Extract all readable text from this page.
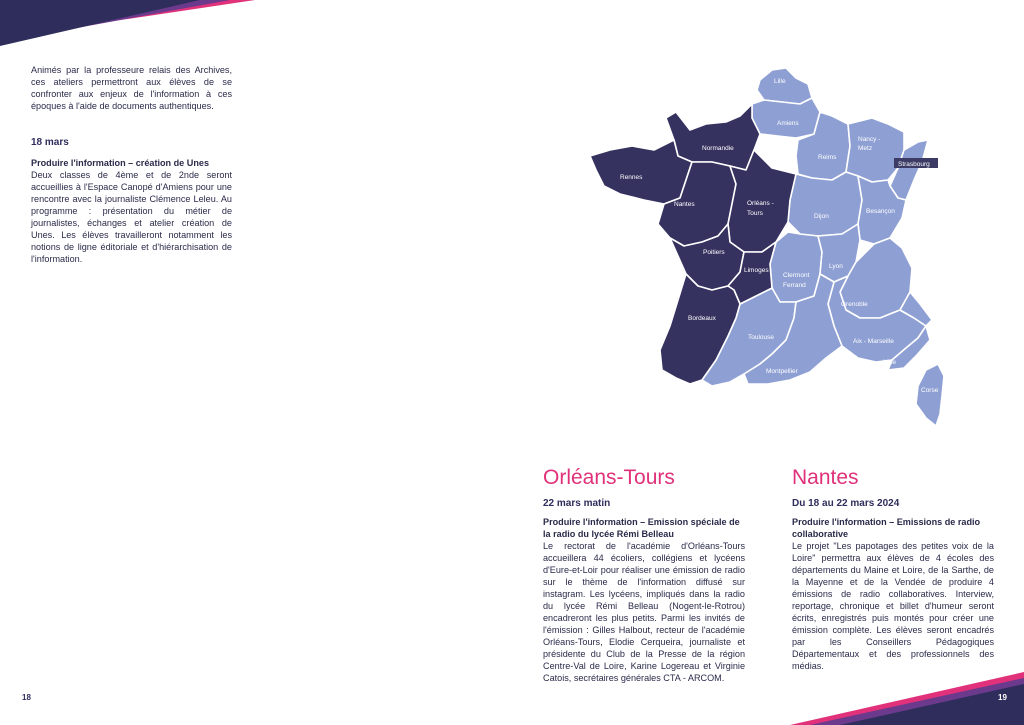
Animés par la professeure relais des Archives, ces ateliers permettront aux élèves de se confronter aux enjeux de l'information à ces époques à l'aide de documents authentiques.

18 mars

Produire l'information – création de Unes

Deux classes de 4ème et de 2nde seront accueillies à l'Espace Canopé d'Amiens pour une rencontre avec la journaliste Clémence Leleu. Au programme : présentation du métier de journalistes, échanges et atelier création de Unes. Les élèves travailleront notamment les notions de ligne éditoriale et d'hiérarchisation de l'information.

18
Lille
Amiens
Normandie
Reims
Nancy -
Metz
Strasbourg
Rennes
Nantes	Orléans -
Tours	Dijon
Besançon
Poitiers
Limoges
Clermont
Ferrand
Lyon
Grenoble
Bordeaux
Toulouse
Aix - Marseille
Nice
Montpellier
Corse
Orléans-Tours

22 mars matin

Produire l'information – Emission spéciale de la radio du lycée Rémi Belleau

Le rectorat de l'académie d'Orléans-Tours accueillera 44 écoliers, collégiens et lycéens d'Eure-et-Loir pour réaliser une émission de radio sur le thème de l'information diffusé sur instagram. Les lycéens, impliqués dans la radio du lycée Rémi Belleau (Nogent-le-Rotrou) encadreront les plus petits. Parmi les invités de l'émission : Gilles Halbout, recteur de l'académie Orléans-Tours, Elodie Cerqueira, journaliste et présidente du Club de la Presse de la région Centre-Val de Loire, Karine Logereau et Virginie Catois, secrétaires générales CTA - ARCOM.

Nantes

Du 18 au 22 mars 2024

Produire l'information – Emissions de radio collaborative

Le projet "Les papotages des petites voix de la Loire" permettra aux élèves de 4 écoles des départements du Maine et Loire, de la Sarthe, de la Mayenne et de la Vendée de produire 4 émissions de radio collaboratives. Interview, reportage, chronique et billet d'humeur seront écrits, enregistrés puis montés pour créer une émission complète. Les élèves seront encadrés par les Conseillers Pédagogiques Départementaux et des professionnels des médias.

19
